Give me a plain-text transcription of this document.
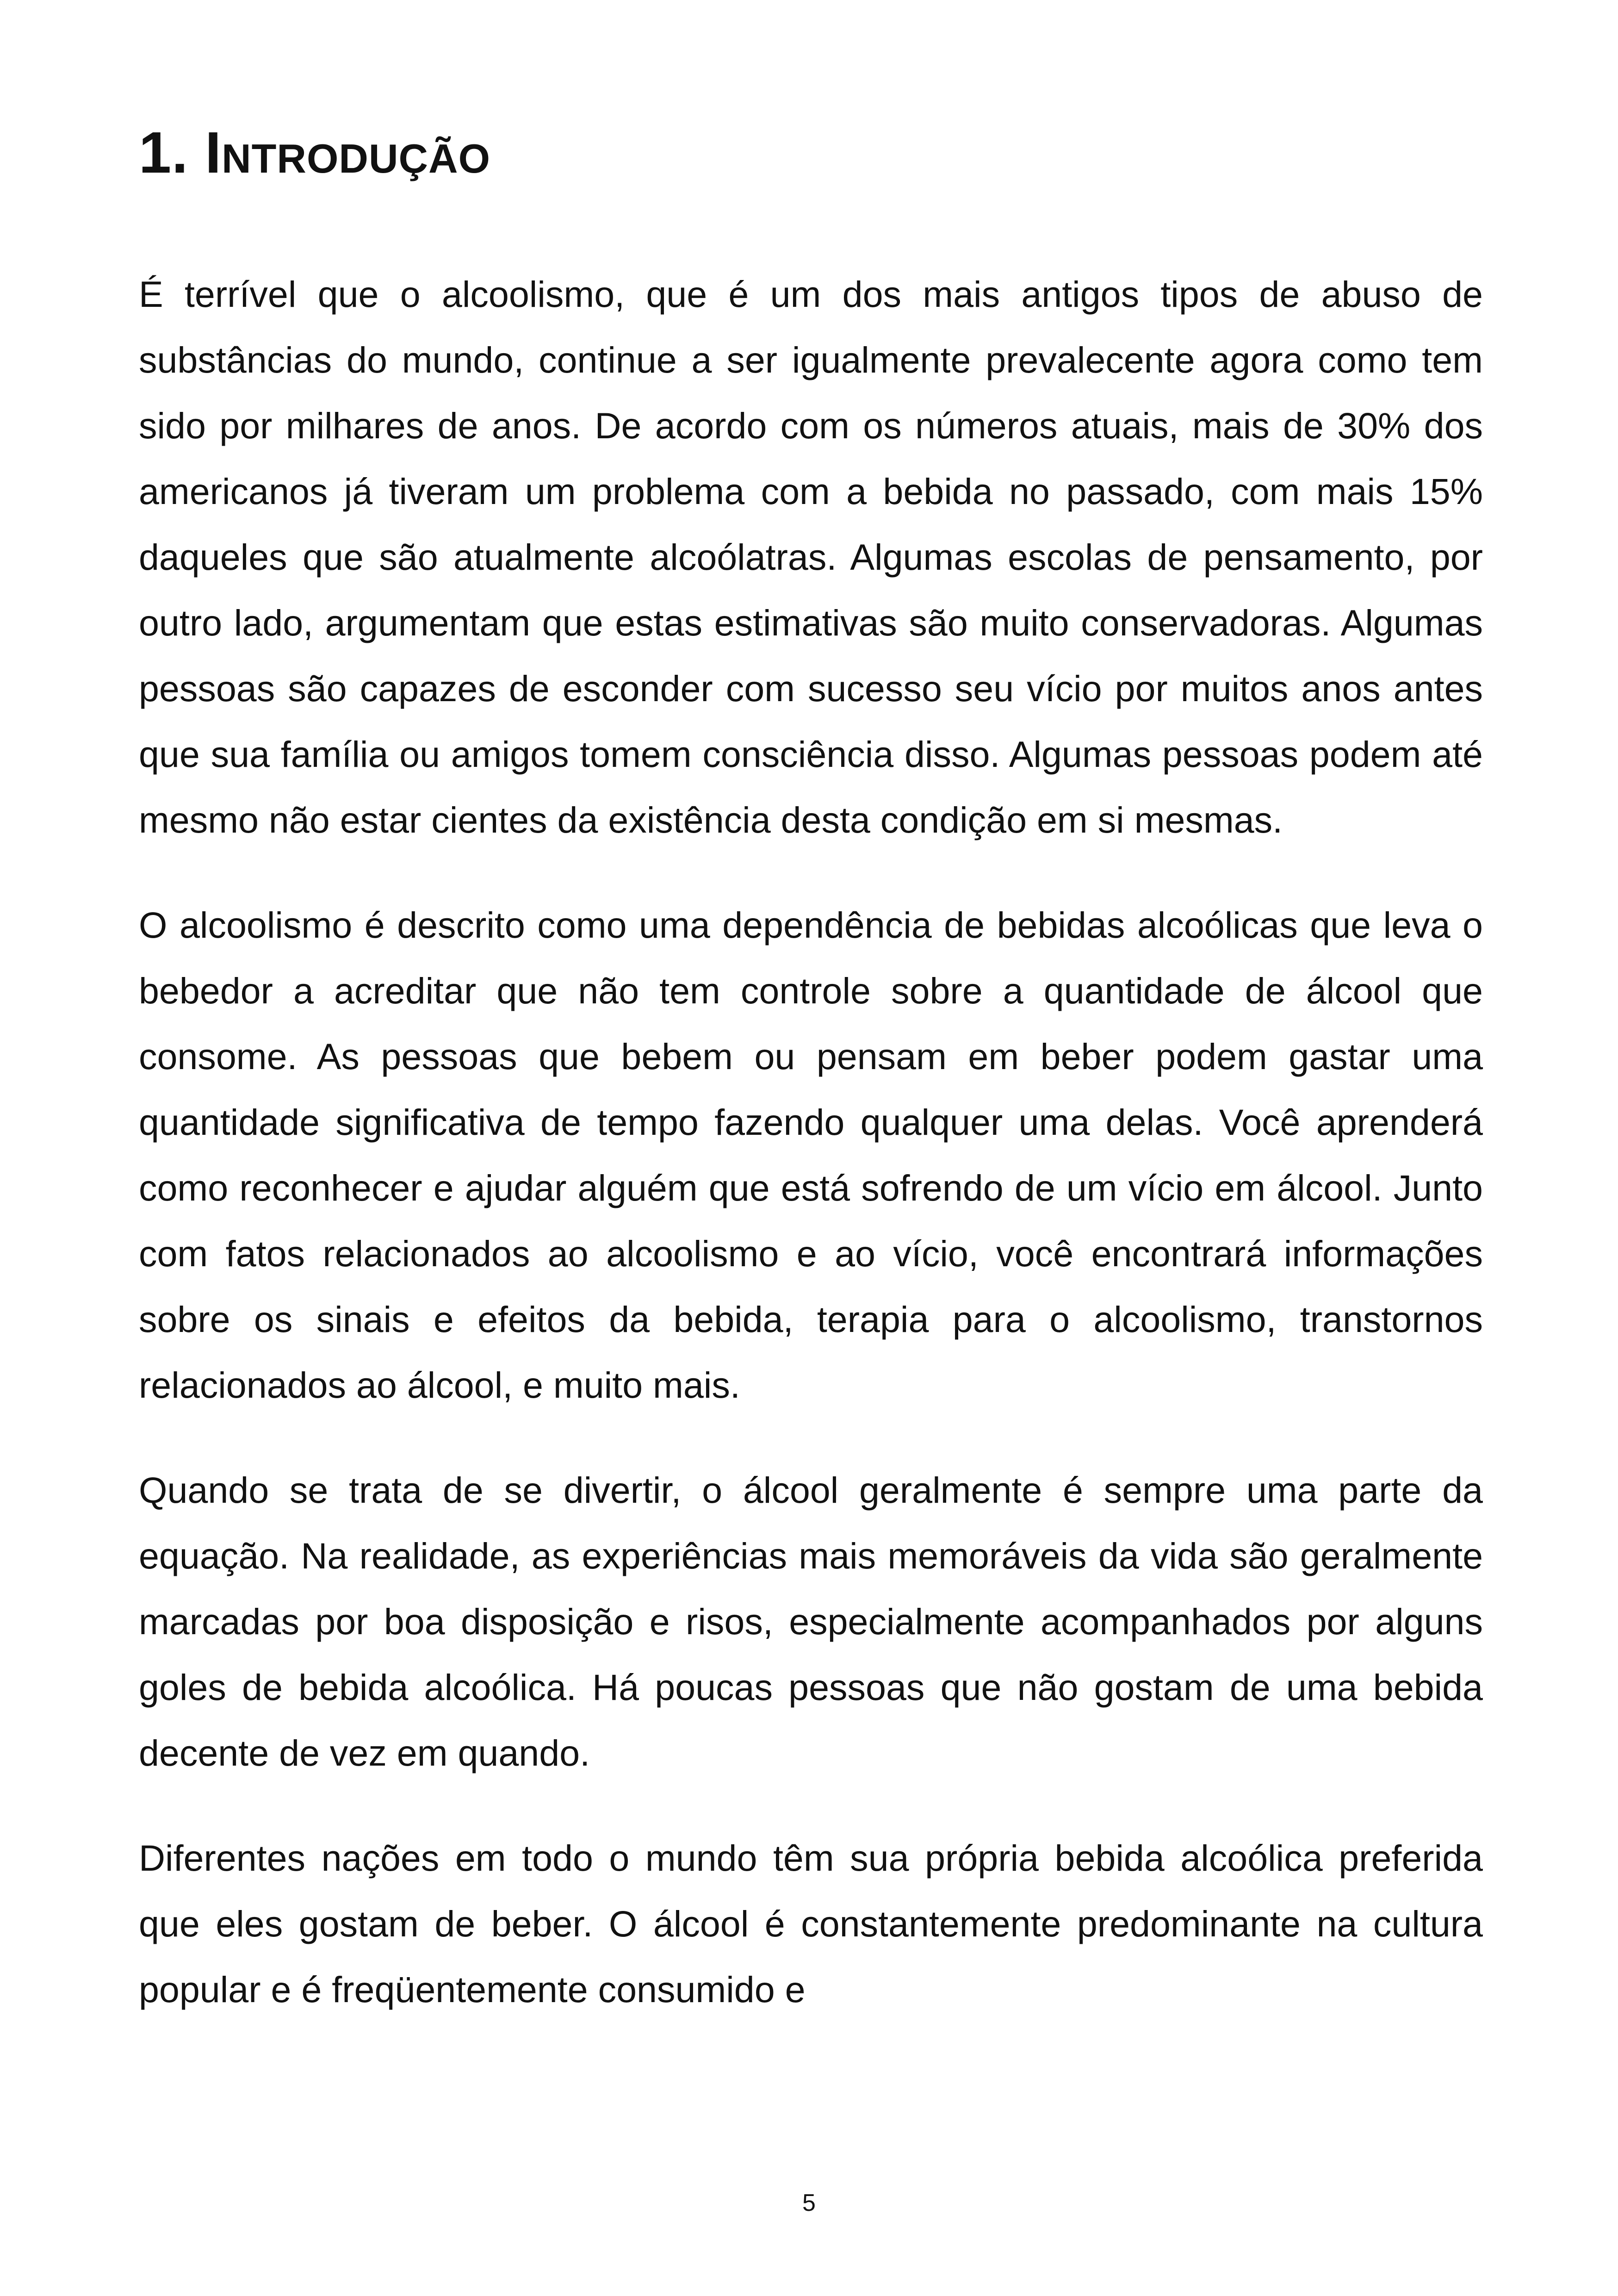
1. Introdução

É terrível que o alcoolismo, que é um dos mais antigos tipos de abuso de substâncias do mundo, continue a ser igualmente prevalecente agora como tem sido por milhares de anos. De acordo com os números atuais, mais de 30% dos americanos já tiveram um problema com a bebida no passado, com mais 15% daqueles que são atualmente alcoólatras. Algumas escolas de pensamento, por outro lado, argumentam que estas estimativas são muito conservadoras. Algumas pessoas são capazes de esconder com sucesso seu vício por muitos anos antes que sua família ou amigos tomem consciência disso. Algumas pessoas podem até mesmo não estar cientes da existência desta condição em si mesmas.

O alcoolismo é descrito como uma dependência de bebidas alcoólicas que leva o bebedor a acreditar que não tem controle sobre a quantidade de álcool que consome. As pessoas que bebem ou pensam em beber podem gastar uma quantidade significativa de tempo fazendo qualquer uma delas. Você aprenderá como reconhecer e ajudar alguém que está sofrendo de um vício em álcool. Junto com fatos relacionados ao alcoolismo e ao vício, você encontrará informações sobre os sinais e efeitos da bebida, terapia para o alcoolismo, transtornos relacionados ao álcool, e muito mais.

Quando se trata de se divertir, o álcool geralmente é sempre uma parte da equação. Na realidade, as experiências mais memoráveis da vida são geralmente marcadas por boa disposição e risos, especialmente acompanhados por alguns goles de bebida alcoólica. Há poucas pessoas que não gostam de uma bebida decente de vez em quando.

Diferentes nações em todo o mundo têm sua própria bebida alcoólica preferida que eles gostam de beber. O álcool é constantemente predominante na cultura popular e é freqüentemente consumido e

5
